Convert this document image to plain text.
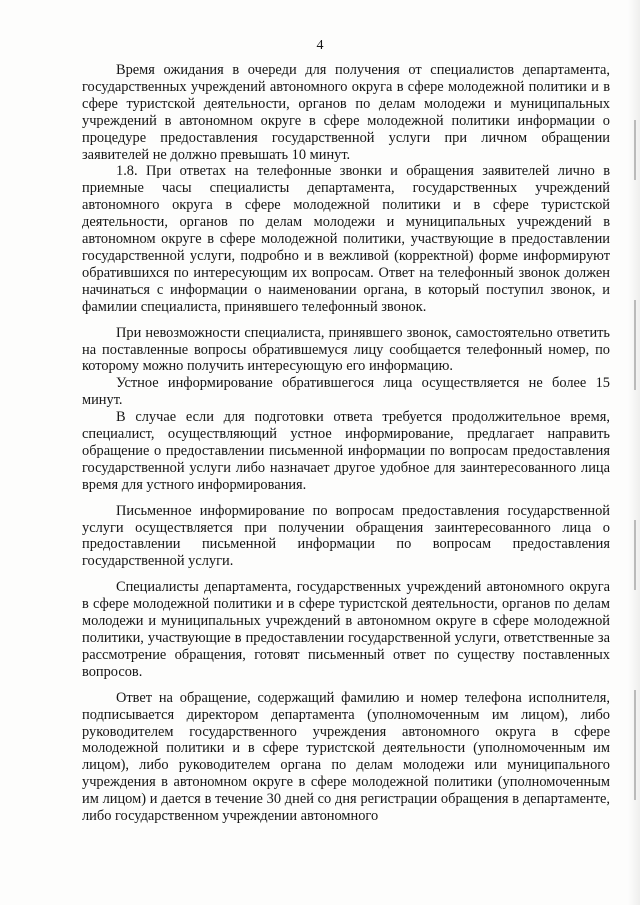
4

Время ожидания в очереди для получения от специалистов департамента, государственных учреждений автономного округа в сфере молодежной политики и в сфере туристской деятельности, органов по делам молодежи и муниципальных учреждений в автономном округе в сфере молодежной политики информации о процедуре предоставления государственной услуги при личном обращении заявителей не должно превышать 10 минут.

1.8. При ответах на телефонные звонки и обращения заявителей лично в приемные часы специалисты департамента, государственных учреждений автономного округа в сфере молодежной политики и в сфере туристской деятельности, органов по делам молодежи и муниципальных учреждений в автономном округе в сфере молодежной политики, участвующие в предоставлении государственной услуги, подробно и в вежливой (корректной) форме информируют обратившихся по интересующим их вопросам. Ответ на телефонный звонок должен начинаться с информации о наименовании органа, в который поступил звонок, и фамилии специалиста, принявшего телефонный звонок.

При невозможности специалиста, принявшего звонок, самостоятельно ответить на поставленные вопросы обратившемуся лицу сообщается телефонный номер, по которому можно получить интересующую его информацию.

Устное информирование обратившегося лица осуществляется не более 15 минут.

В случае если для подготовки ответа требуется продолжительное время, специалист, осуществляющий устное информирование, предлагает направить обращение о предоставлении письменной информации по вопросам предоставления государственной услуги либо назначает другое удобное для заинтересованного лица время для устного информирования.

Письменное информирование по вопросам предоставления государственной услуги осуществляется при получении обращения заинтересованного лица о предоставлении письменной информации по вопросам предоставления государственной услуги.

Специалисты департамента, государственных учреждений автономного округа в сфере молодежной политики и в сфере туристской деятельности, органов по делам молодежи и муниципальных учреждений в автономном округе в сфере молодежной политики, участвующие в предоставлении государственной услуги, ответственные за рассмотрение обращения, готовят письменный ответ по существу поставленных вопросов.

Ответ на обращение, содержащий фамилию и номер телефона исполнителя, подписывается директором департамента (уполномоченным им лицом), либо руководителем государственного учреждения автономного округа в сфере молодежной политики и в сфере туристской деятельности (уполномоченным им лицом), либо руководителем органа по делам молодежи или муниципального учреждения в автономном округе в сфере молодежной политики (уполномоченным им лицом) и дается в течение 30 дней со дня регистрации обращения в департаменте, либо государственном учреждении автономного
